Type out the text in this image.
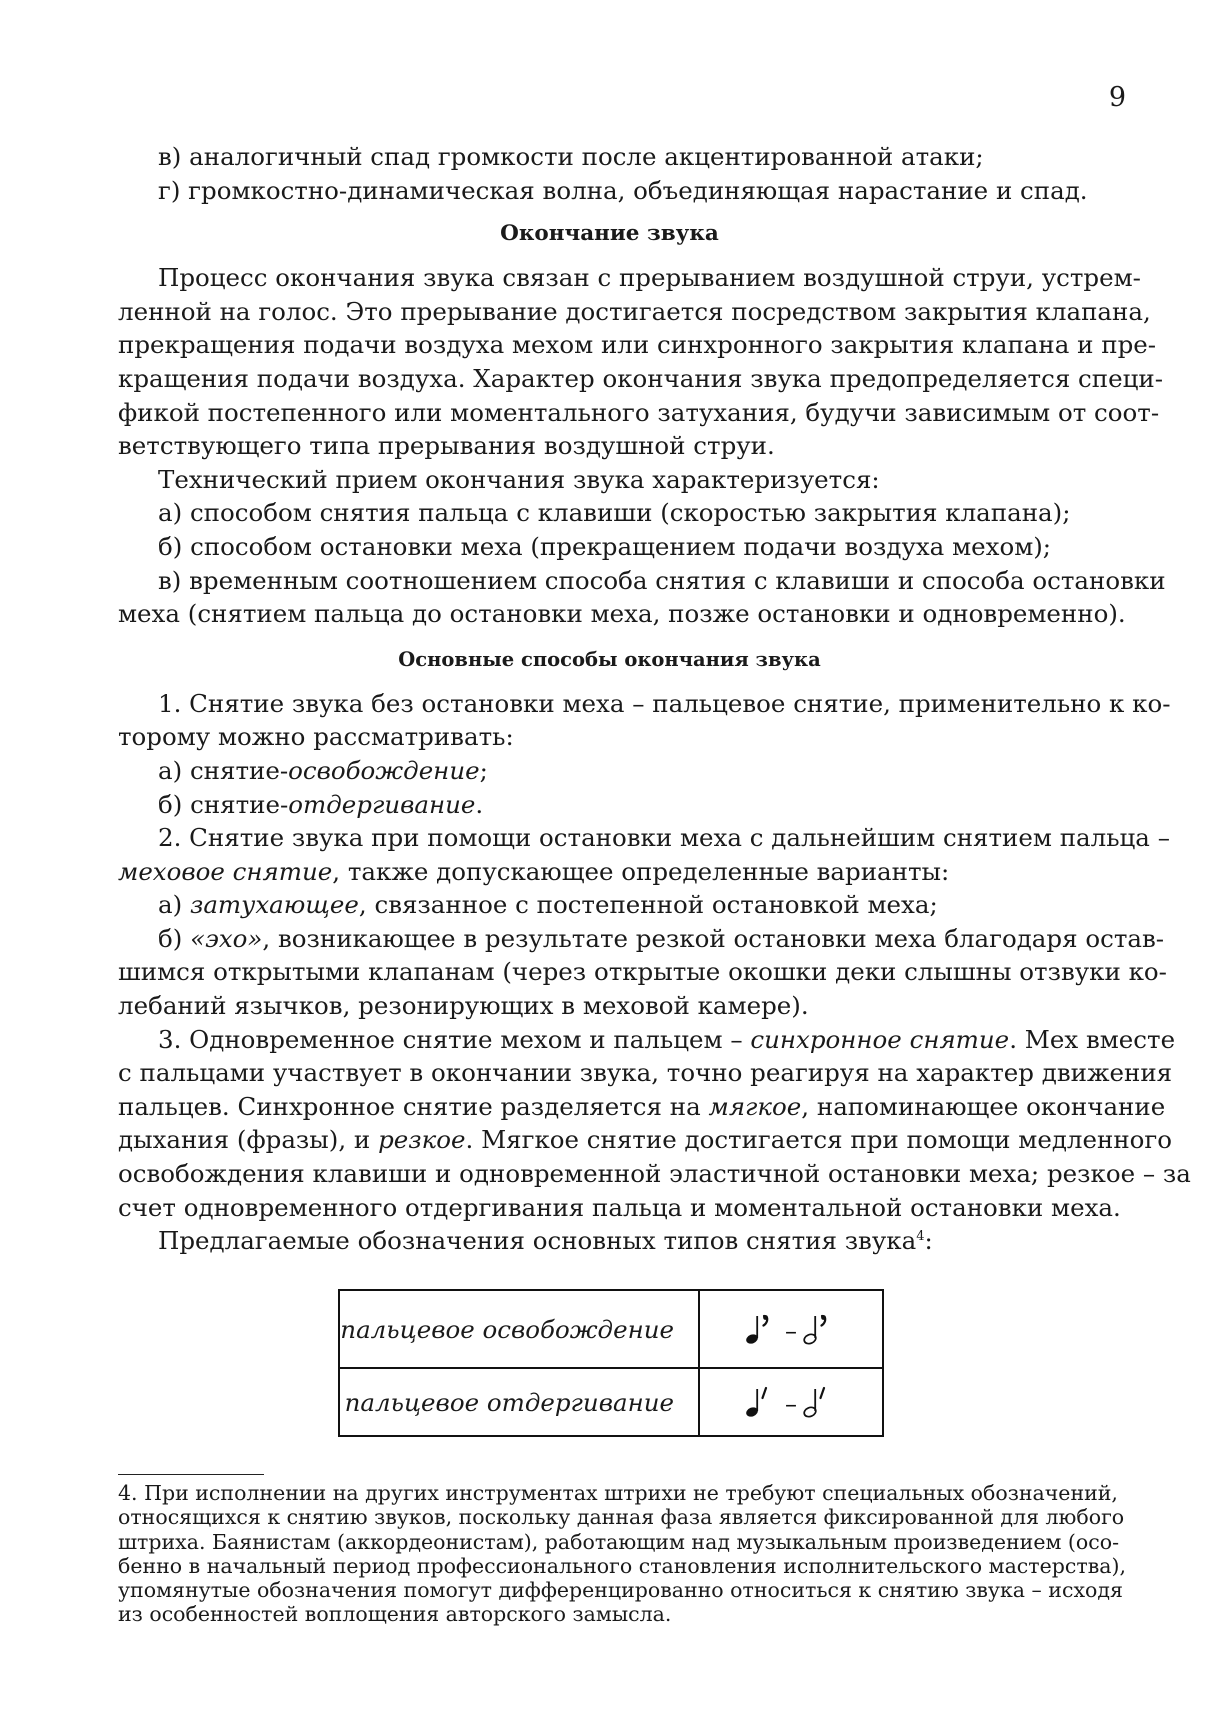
9
в) аналогичный спад громкости после акцентированной атаки;
г) громкостно-динамическая волна, объединяющая нарастание и спад.
Окончание звука
Процесс окончания звука связан с прерыванием воздушной струи, устрем-
ленной на голос. Это прерывание достигается посредством закрытия клапана,
прекращения подачи воздуха мехом или синхронного закрытия клапана и пре-
кращения подачи воздуха. Характер окончания звука предопределяется специ-
фикой постепенного или моментального затухания, будучи зависимым от соот-
ветствующего типа прерывания воздушной струи.
Технический прием окончания звука характеризуется:
а) способом снятия пальца с клавиши (скоростью закрытия клапана);
б) способом остановки меха (прекращением подачи воздуха мехом);
в) временным соотношением способа снятия с клавиши и способа остановки
меха (снятием пальца до остановки меха, позже остановки и одновременно).
Основные способы окончания звука
1. Снятие звука без остановки меха – пальцевое снятие, применительно к ко-
торому можно рассматривать:
а) снятие-освобождение;
б) снятие-отдергивание.
2. Снятие звука при помощи остановки меха с дальнейшим снятием пальца –
меховое снятие, также допускающее определенные варианты:
а) затухающее, связанное с постепенной остановкой меха;
б) «эхо», возникающее в результате резкой остановки меха благодаря остав-
шимся открытыми клапанам (через открытые окошки деки слышны отзвуки ко-
лебаний язычков, резонирующих в меховой камере).
3. Одновременное снятие мехом и пальцем – синхронное снятие. Мех вместе
с пальцами участвует в окончании звука, точно реагируя на характер движения
пальцев. Синхронное снятие разделяется на мягкое, напоминающее окончание
дыхания (фразы), и резкое. Мягкое снятие достигается при помощи медленного
освобождения клавиши и одновременной эластичной остановки меха; резкое – за
счет одновременного отдергивания пальца и моментальной остановки меха.
Предлагаемые обозначения основных типов снятия звука$^4$:
пальцевое освобождение	–

пальцевое отдергивание	–
4. При исполнении на других инструментах штрихи не требуют специальных обозначений,
относящихся к снятию звуков, поскольку данная фаза является фиксированной для любого
штриха. Баянистам (аккордеонистам), работающим над музыкальным произведением (осо-
бенно в начальный период профессионального становления исполнительского мастерства),
упомянутые обозначения помогут дифференцированно относиться к снятию звука – исходя
из особенностей воплощения авторского замысла.
